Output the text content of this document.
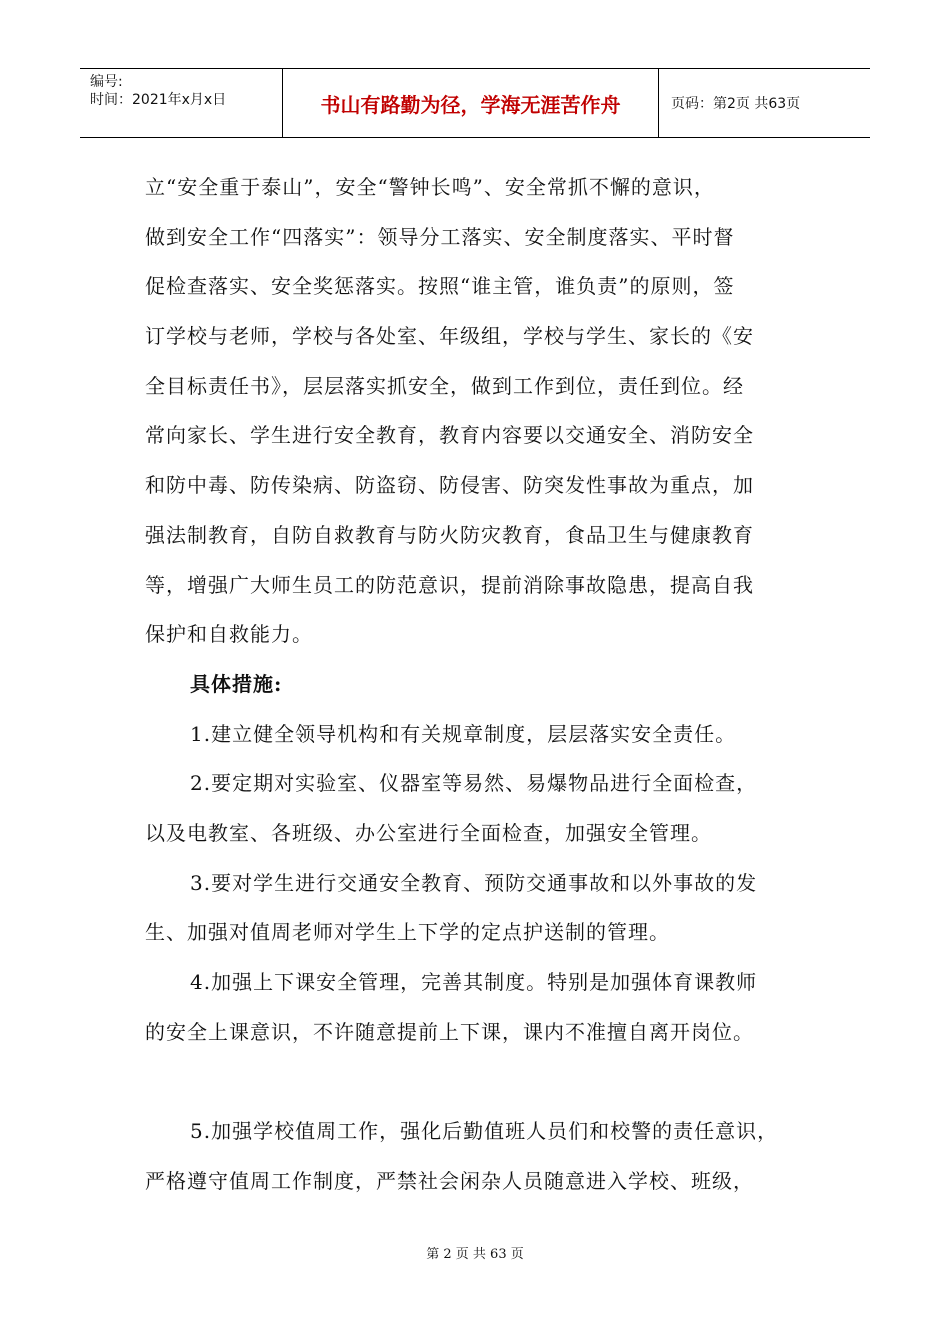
编号:
时间：2021年x月x日	书山有路勤为径，学海无涯苦作舟	页码：第2页 共63页
立“安全重于泰山”，安全“警钟长鸣”、安全常抓不懈的意识，
做到安全工作“四落实”：领导分工落实、安全制度落实、平时督
促检查落实、安全奖惩落实。按照“谁主管，谁负责”的原则，签
订学校与老师，学校与各处室、年级组，学校与学生、家长的《安
全目标责任书》，层层落实抓安全，做到工作到位，责任到位。经
常向家长、学生进行安全教育，教育内容要以交通安全、消防安全
和防中毒、防传染病、防盗窃、防侵害、防突发性事故为重点，加
强法制教育，自防自救教育与防火防灾教育，食品卫生与健康教育
等，增强广大师生员工的防范意识，提前消除事故隐患，提高自我
保护和自救能力。
具体措施:
1.建立健全领导机构和有关规章制度，层层落实安全责任。
2.要定期对实验室、仪器室等易然、易爆物品进行全面检查，
以及电教室、各班级、办公室进行全面检查，加强安全管理。
3.要对学生进行交通安全教育、预防交通事故和以外事故的发
生、加强对值周老师对学生上下学的定点护送制的管理。
4.加强上下课安全管理，完善其制度。特别是加强体育课教师
的安全上课意识，不许随意提前上下课，课内不准擅自离开岗位。
5.加强学校值周工作，强化后勤值班人员们和校警的责任意识，
严格遵守值周工作制度，严禁社会闲杂人员随意进入学校、班级，
第 2 页 共 63 页
